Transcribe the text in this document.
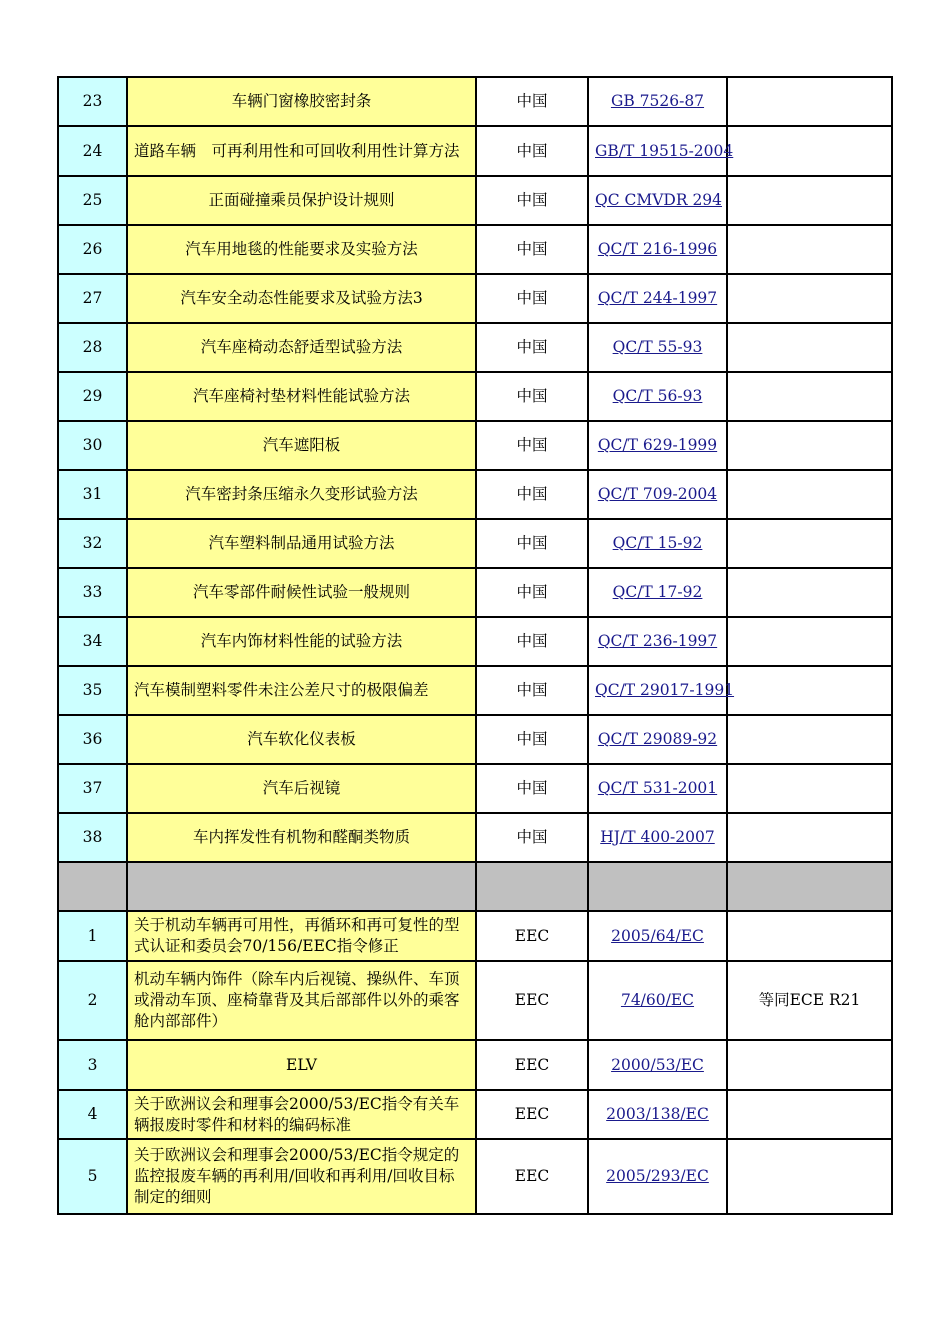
23	车辆门窗橡胶密封条	中国	GB 7526-87	
24	道路车辆　可再利用性和可回收利用性计算方法	中国	GB/T 19515-2004	
25	正面碰撞乘员保护设计规则	中国	QC CMVDR 294	
26	汽车用地毯的性能要求及实验方法	中国	QC/T 216-1996	
27	汽车安全动态性能要求及试验方法3	中国	QC/T 244-1997	
28	汽车座椅动态舒适型试验方法	中国	QC/T 55-93	
29	汽车座椅衬垫材料性能试验方法	中国	QC/T 56-93	
30	汽车遮阳板	中国	QC/T 629-1999	
31	汽车密封条压缩永久变形试验方法	中国	QC/T 709-2004	
32	汽车塑料制品通用试验方法	中国	QC/T 15-92	
33	汽车零部件耐候性试验一般规则	中国	QC/T 17-92	
34	汽车内饰材料性能的试验方法	中国	QC/T 236-1997	
35	汽车模制塑料零件未注公差尺寸的极限偏差	中国	QC/T 29017-1991	
36	汽车软化仪表板	中国	QC/T 29089-92	
37	汽车后视镜	中国	QC/T 531-2001	
38	车内挥发性有机物和醛酮类物质	中国	HJ/T 400-2007	

1	关于机动车辆再可用性，再循环和再可复性的型式认证和委员会70/156/EEC指令修正	EEC	2005/64/EC	
2	机动车辆内饰件（除车内后视镜、操纵件、车顶或滑动车顶、座椅靠背及其后部部件以外的乘客舱内部部件）	EEC	74/60/EC	等同ECE R21
3	ELV	EEC	2000/53/EC	
4	关于欧洲议会和理事会2000/53/EC指令有关车辆报废时零件和材料的编码标准	EEC	2003/138/EC	
5	关于欧洲议会和理事会2000/53/EC指令规定的监控报废车辆的再利用/回收和再利用/回收目标制定的细则	EEC	2005/293/EC	
